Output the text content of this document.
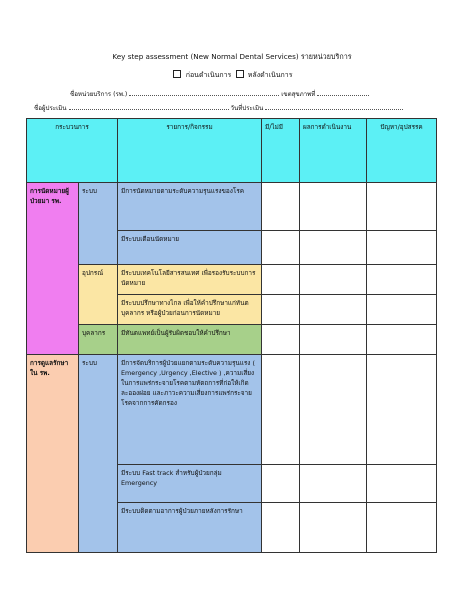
Key step assessment (New Normal Dental Services) รายหน่วยบริการ
ก่อนดำเนินการ หลังดำเนินการ
ชื่อหน่วยบริการ (รพ.)	เขตสุขภาพที่
ชื่อผู้ประเมิน	วันที่ประเมิน
กระบวนการ		รายการ/กิจกรรม	มี/ไม่มี	ผลการดำเนินงาน	ปัญหา/อุปสรรค
การนัดหมายผู้ป่วยมา รพ.	ระบบ	มีการนัดหมายตามระดับความรุนแรงของโรค			
		มีระบบเตือนนัดหมาย			
	อุปกรณ์	มีระบบเทคโนโลยีสารสนเทศ เพื่อรองรับระบบการนัดหมาย			
		มีระบบปรึกษาทางไกล เพื่อให้คำปรึกษาแก่ทันตบุคลากร หรือผู้ป่วยก่อนการนัดหมาย			
	บุคลากร	มีทันตแพทย์เป็นผู้รับผิดชอบให้คำปรึกษา			
การดูแลรักษาใน รพ.	ระบบ	มีการจัดบริการผู้ป่วยแยกตามระดับความรุนแรง ( Emergency ,Urgency ,Elective ) ,ความเสี่ยงในการแพร่กระจายโรคตามหัตถการที่ก่อให้เกิดละอองฝอย และภาวะความเสี่ยงการแพร่กระจายโรคจากการคัดกรอง			
		มีระบบ Fast track สำหรับผู้ป่วยกลุ่ม Emergency			
		มีระบบติดตามอาการผู้ป่วยภายหลังการรักษา			
